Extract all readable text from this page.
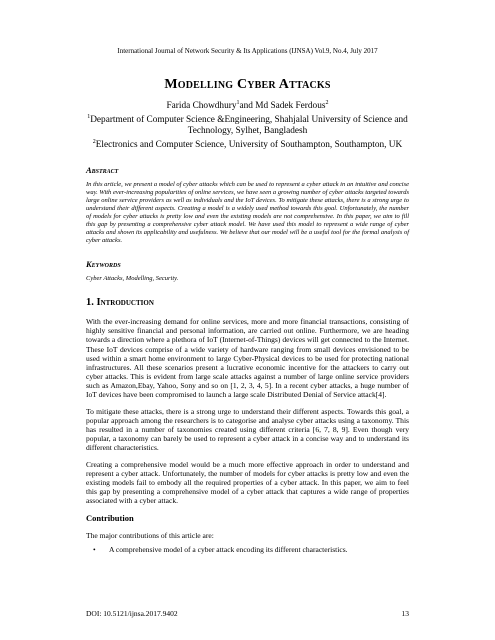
International Journal of Network Security & Its Applications (IJNSA) Vol.9, No.4, July 2017
Modelling Cyber Attacks
Farida Chowdhury$^1$and Md Sadek Ferdous$^2$
$^1$Department of Computer Science &Engineering, Shahjalal University of Science and Technology, Sylhet, Bangladesh
$^2$Electronics and Computer Science, University of Southampton, Southampton, UK
Abstract
In this article, we present a model of cyber attacks which can be used to represent a cyber attack in an intuitive and concise way. With ever-increasing popularities of online services, we have seen a growing number of cyber attacks targeted towards large online service providers as well as individuals and the IoT devices. To mitigate these attacks, there is a strong urge to understand their different aspects. Creating a model is a widely used method towards this goal. Unfortunately, the number of models for cyber attacks is pretty low and even the existing models are not comprehensive. In this paper, we aim to fill this gap by presenting a comprehensive cyber attack model. We have used this model to represent a wide range of cyber attacks and shown its applicability and usefulness. We believe that our model will be a useful tool for the formal analysis of cyber attacks.
Keywords
Cyber Attacks, Modelling, Security.
1. Introduction
With the ever-increasing demand for online services, more and more financial transactions, consisting of highly sensitive financial and personal information, are carried out online. Furthermore, we are heading towards a direction where a plethora of IoT (Internet-of-Things) devices will get connected to the Internet. These IoT devices comprise of a wide variety of hardware ranging from small devices envisioned to be used within a smart home environment to large Cyber-Physical devices to be used for protecting national infrastructures. All these scenarios present a lucrative economic incentive for the attackers to carry out cyber attacks. This is evident from large scale attacks against a number of large online service providers such as Amazon,Ebay, Yahoo, Sony and so on [1, 2, 3, 4, 5]. In a recent cyber attacks, a huge number of IoT devices have been compromised to launch a large scale Distributed Denial of Service attack[4].
To mitigate these attacks, there is a strong urge to understand their different aspects. Towards this goal, a popular approach among the researchers is to categorise and analyse cyber attacks using a taxonomy. This has resulted in a number of taxonomies created using different criteria [6, 7, 8, 9]. Even though very popular, a taxonomy can barely be used to represent a cyber attack in a concise way and to understand its different characteristics.
Creating a comprehensive model would be a much more effective approach in order to understand and represent a cyber attack. Unfortunately, the number of models for cyber attacks is pretty low and even the existing models fail to embody all the required properties of a cyber attack. In this paper, we aim to feel this gap by presenting a comprehensive model of a cyber attack that captures a wide range of properties associated with a cyber attack.
Contribution
The major contributions of this article are:
• A comprehensive model of a cyber attack encoding its different characteristics.
DOI: 10.5121/ijnsa.2017.9402	13
